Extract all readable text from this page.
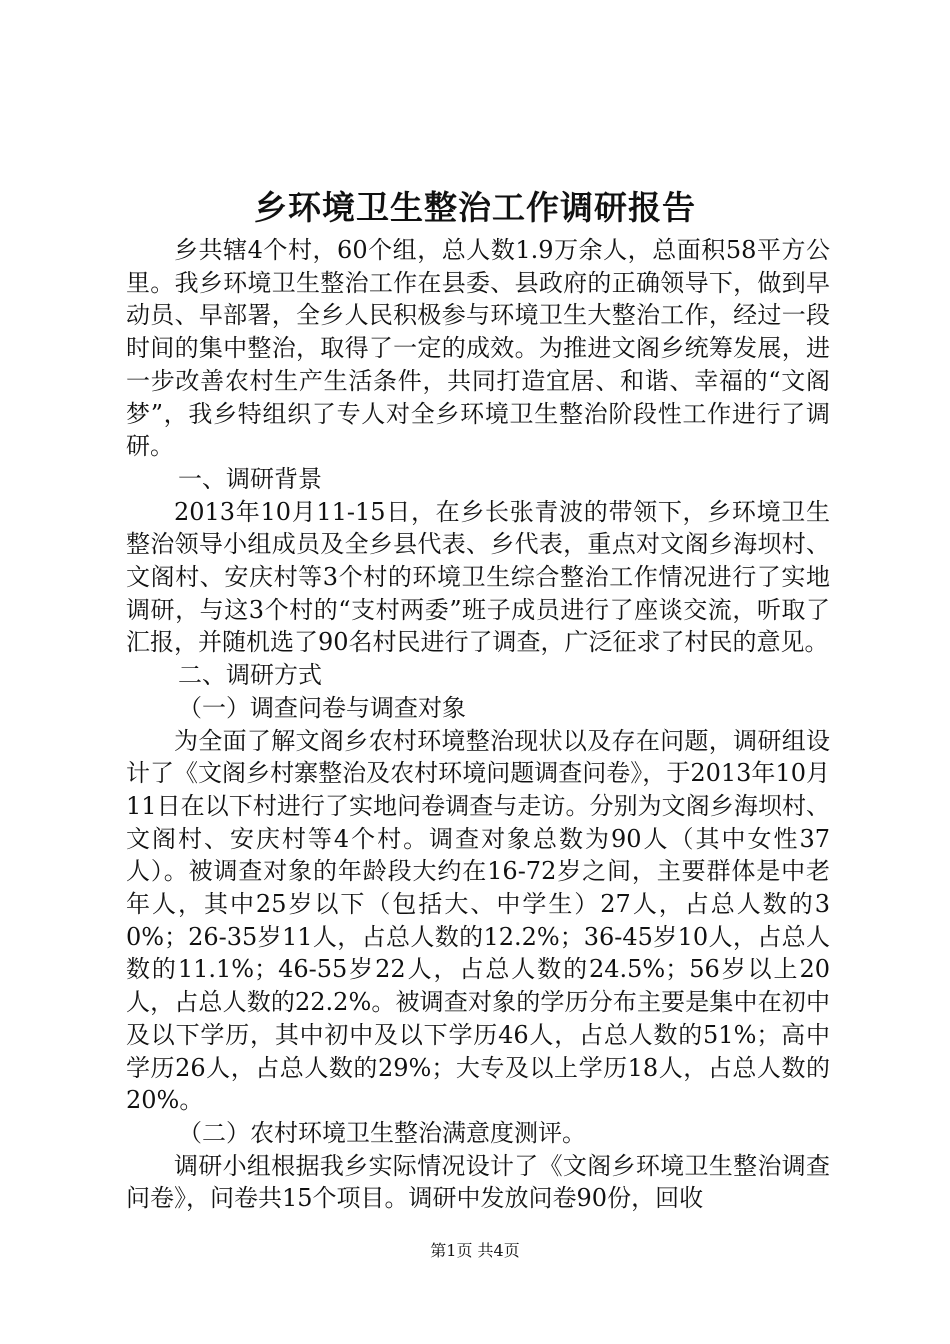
乡环境卫生整治工作调研报告

乡共辖4个村，60个组，总人数1.9万余人，总面积58平方公里。我乡环境卫生整治工作在县委、县政府的正确领导下，做到早动员、早部署，全乡人民积极参与环境卫生大整治工作，经过一段时间的集中整治，取得了一定的成效。为推进文阁乡统筹发展，进一步改善农村生产生活条件，共同打造宜居、和谐、幸福的“文阁梦”，我乡特组织了专人对全乡环境卫生整治阶段性工作进行了调研。

一、调研背景

2013年10月11-15日，在乡长张青波的带领下，乡环境卫生整治领导小组成员及全乡县代表、乡代表，重点对文阁乡海坝村、文阁村、安庆村等3个村的环境卫生综合整治工作情况进行了实地调研，与这3个村的“支村两委”班子成员进行了座谈交流，听取了汇报，并随机选了90名村民进行了调查，广泛征求了村民的意见。

二、调研方式

（一）调查问卷与调查对象

为全面了解文阁乡农村环境整治现状以及存在问题，调研组设计了《文阁乡村寨整治及农村环境问题调查问卷》，于2013年10月11日在以下村进行了实地问卷调查与走访。分别为文阁乡海坝村、文阁村、安庆村等4个村。调查对象总数为90人（其中女性37人）。被调查对象的年龄段大约在16-72岁之间，主要群体是中老年人，其中25岁以下（包括大、中学生）27人，占总人数的30%；26-35岁11人，占总人数的12.2%；36-45岁10人，占总人数的11.1%；46-55岁22人，占总人数的24.5%；56岁以上20人，占总人数的22.2%。被调查对象的学历分布主要是集中在初中及以下学历，其中初中及以下学历46人，占总人数的51%；高中学历26人，占总人数的29%；大专及以上学历18人，占总人数的20%。

（二）农村环境卫生整治满意度测评。

调研小组根据我乡实际情况设计了《文阁乡环境卫生整治调查问卷》，问卷共15个项目。调研中发放问卷90份，回收

第1页 共4页
